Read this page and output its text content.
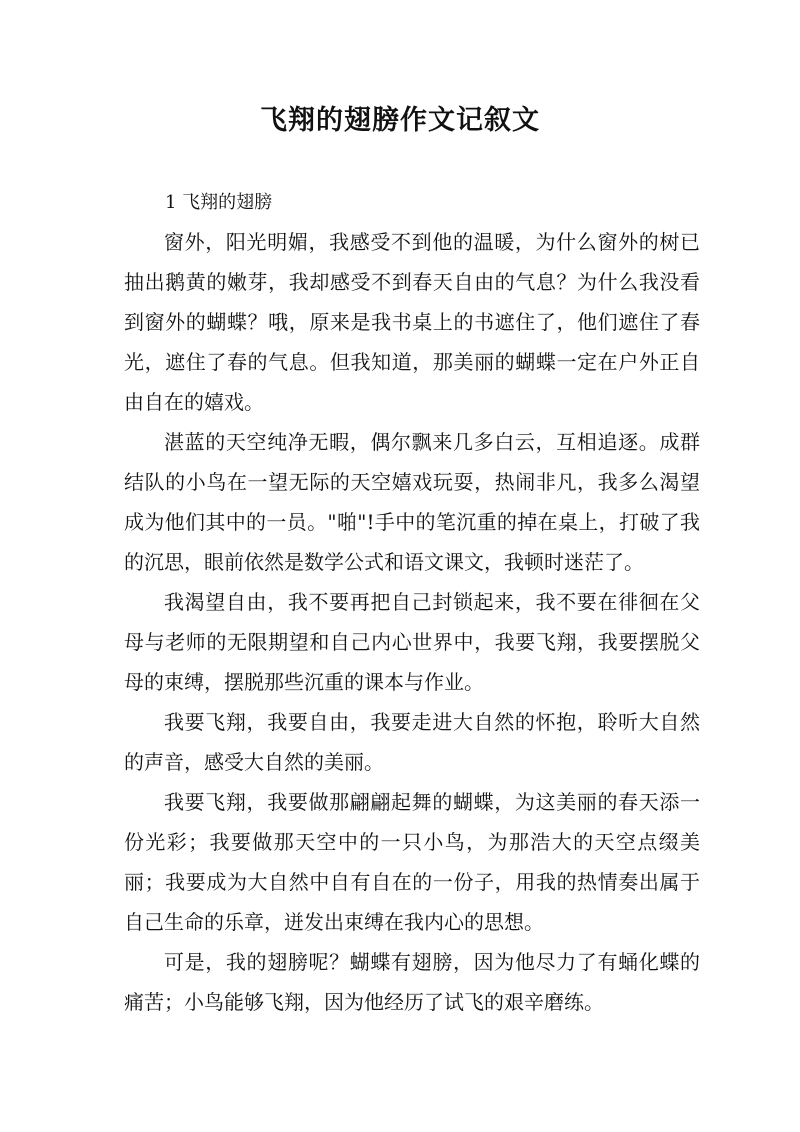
飞翔的翅膀作文记叙文
1 飞翔的翅膀

窗外，阳光明媚，我感受不到他的温暖，为什么窗外的树已抽出鹅黄的嫩芽，我却感受不到春天自由的气息？为什么我没看到窗外的蝴蝶？哦，原来是我书桌上的书遮住了，他们遮住了春光，遮住了春的气息。但我知道，那美丽的蝴蝶一定在户外正自由自在的嬉戏。

湛蓝的天空纯净无暇，偶尔飘来几多白云，互相追逐。成群结队的小鸟在一望无际的天空嬉戏玩耍，热闹非凡，我多么渴望成为他们其中的一员。"啪"!手中的笔沉重的掉在桌上，打破了我的沉思，眼前依然是数学公式和语文课文，我顿时迷茫了。

我渴望自由，我不要再把自己封锁起来，我不要在徘徊在父母与老师的无限期望和自己内心世界中，我要飞翔，我要摆脱父母的束缚，摆脱那些沉重的课本与作业。

我要飞翔，我要自由，我要走进大自然的怀抱，聆听大自然的声音，感受大自然的美丽。

我要飞翔，我要做那翩翩起舞的蝴蝶，为这美丽的春天添一份光彩；我要做那天空中的一只小鸟，为那浩大的天空点缀美丽；我要成为大自然中自有自在的一份子，用我的热情奏出属于自己生命的乐章，迸发出束缚在我内心的思想。

可是，我的翅膀呢？蝴蝶有翅膀，因为他尽力了有蛹化蝶的痛苦；小鸟能够飞翔，因为他经历了试飞的艰辛磨练。
